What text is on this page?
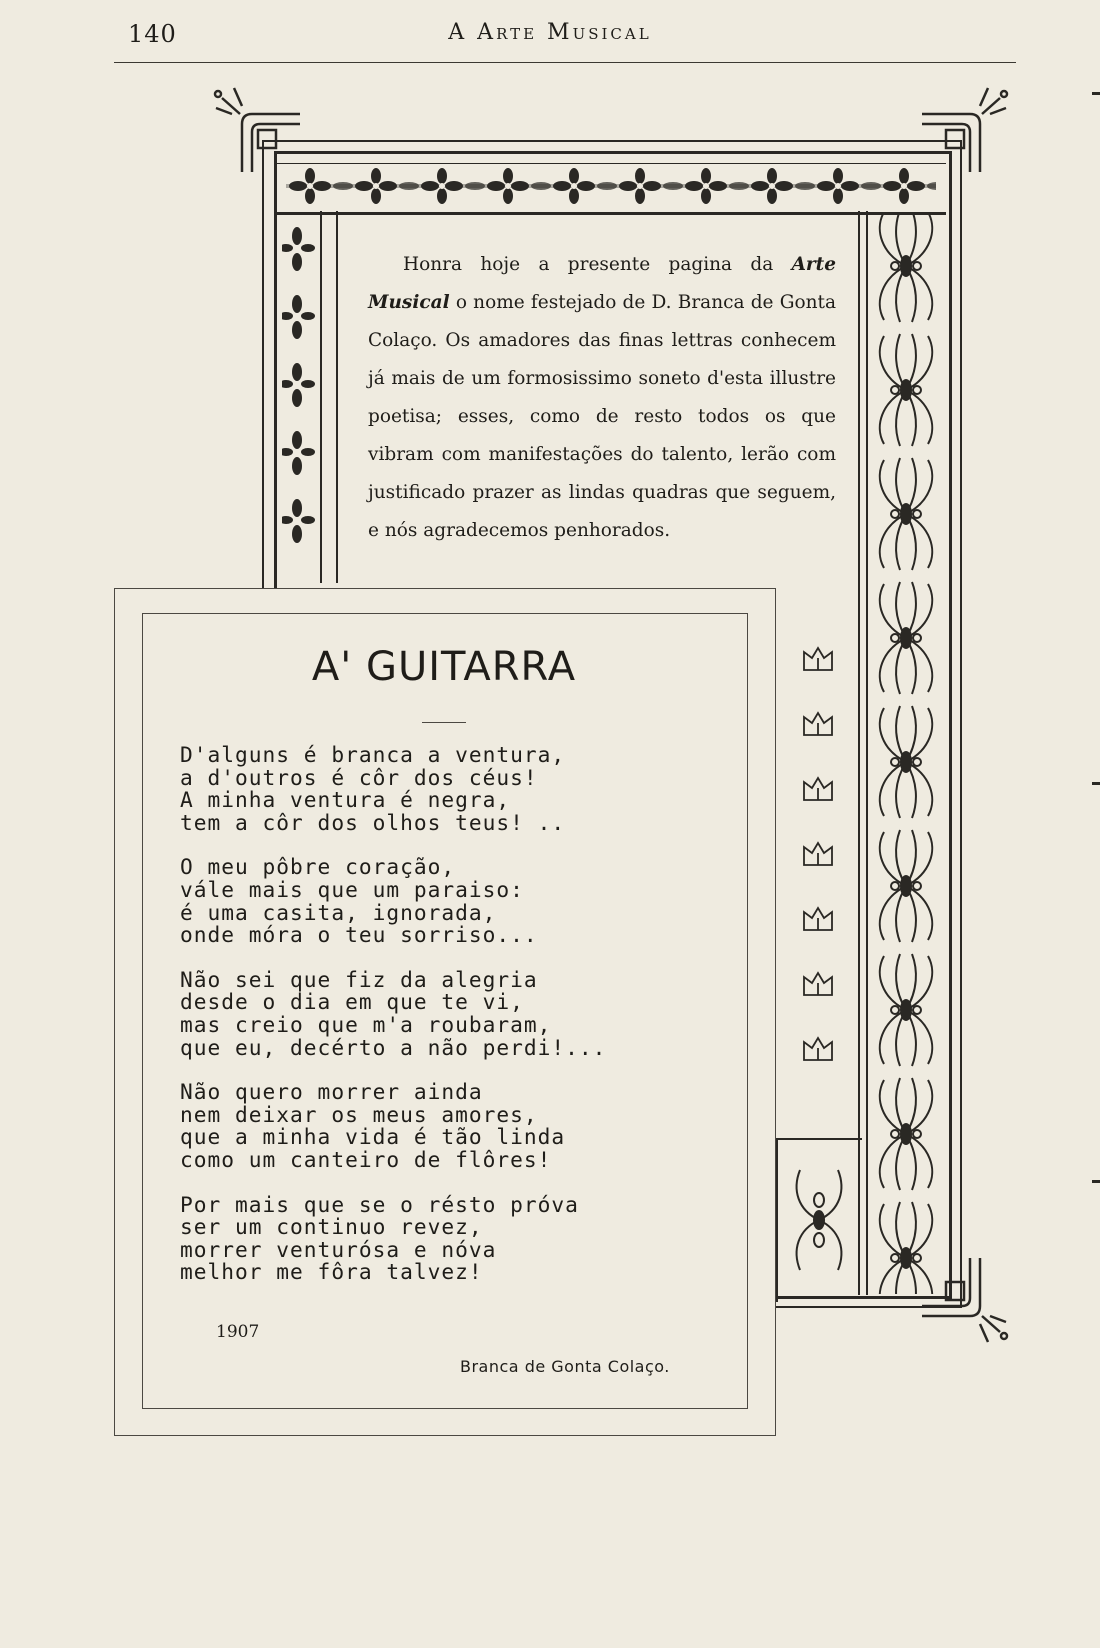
140	A Arte Musical

Honra hoje a presente pagina da Arte Musical o nome festejado de D. Branca de Gonta Colaço. Os amadores das finas lettras conhecem já mais de um formosissimo soneto d'esta illustre poetisa; esses, como de resto todos os que vibram com manifestações do talento, lerão com justificado prazer as lindas quadras que seguem, e nós agradecemos penhorados.

A' GUITARRA
D'alguns é branca a ventura,
a d'outros é côr dos céus!
A minha ventura é negra,
tem a côr dos olhos teus! ..
O meu pôbre coração,
vále mais que um paraiso:
é uma casita, ignorada,
onde móra o teu sorriso...
Não sei que fiz da alegria
desde o dia em que te vi,
mas creio que m'a roubaram,
que eu, decérto a não perdi!...
Não quero morrer ainda
nem deixar os meus amores,
que a minha vida é tão linda
como um canteiro de flôres!
Por mais que se o résto próva
ser um continuo revez,
morrer venturósa e nóva
melhor me fôra talvez!
1907
Branca de Gonta Colaço.
